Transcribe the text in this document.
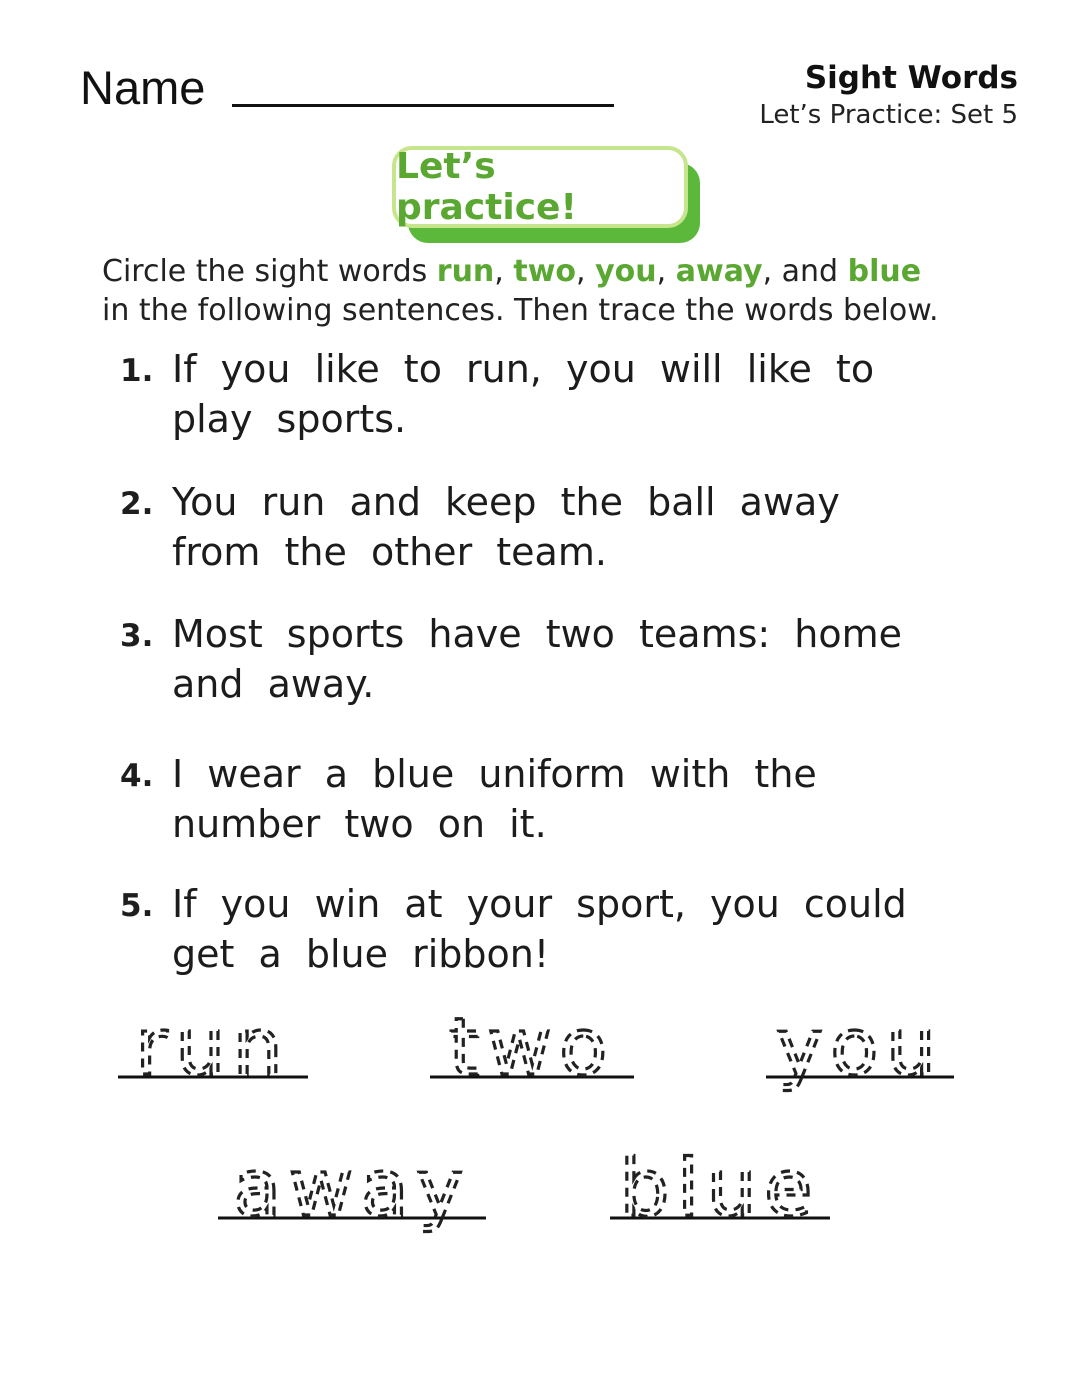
Name	Sight Words
Let’s Practice: Set 5
Let’s practice!
Circle the sight words run, two, you, away, and blue
in the following sentences. Then trace the words below.
1. If you like to run, you will like to play sports.
2. You run and keep the ball away from the other team.
3. Most sports have two teams: home and away.
4. I wear a blue uniform with the number two on it.
5. If you win at your sport, you could get a blue ribbon!
run two you
away blue
